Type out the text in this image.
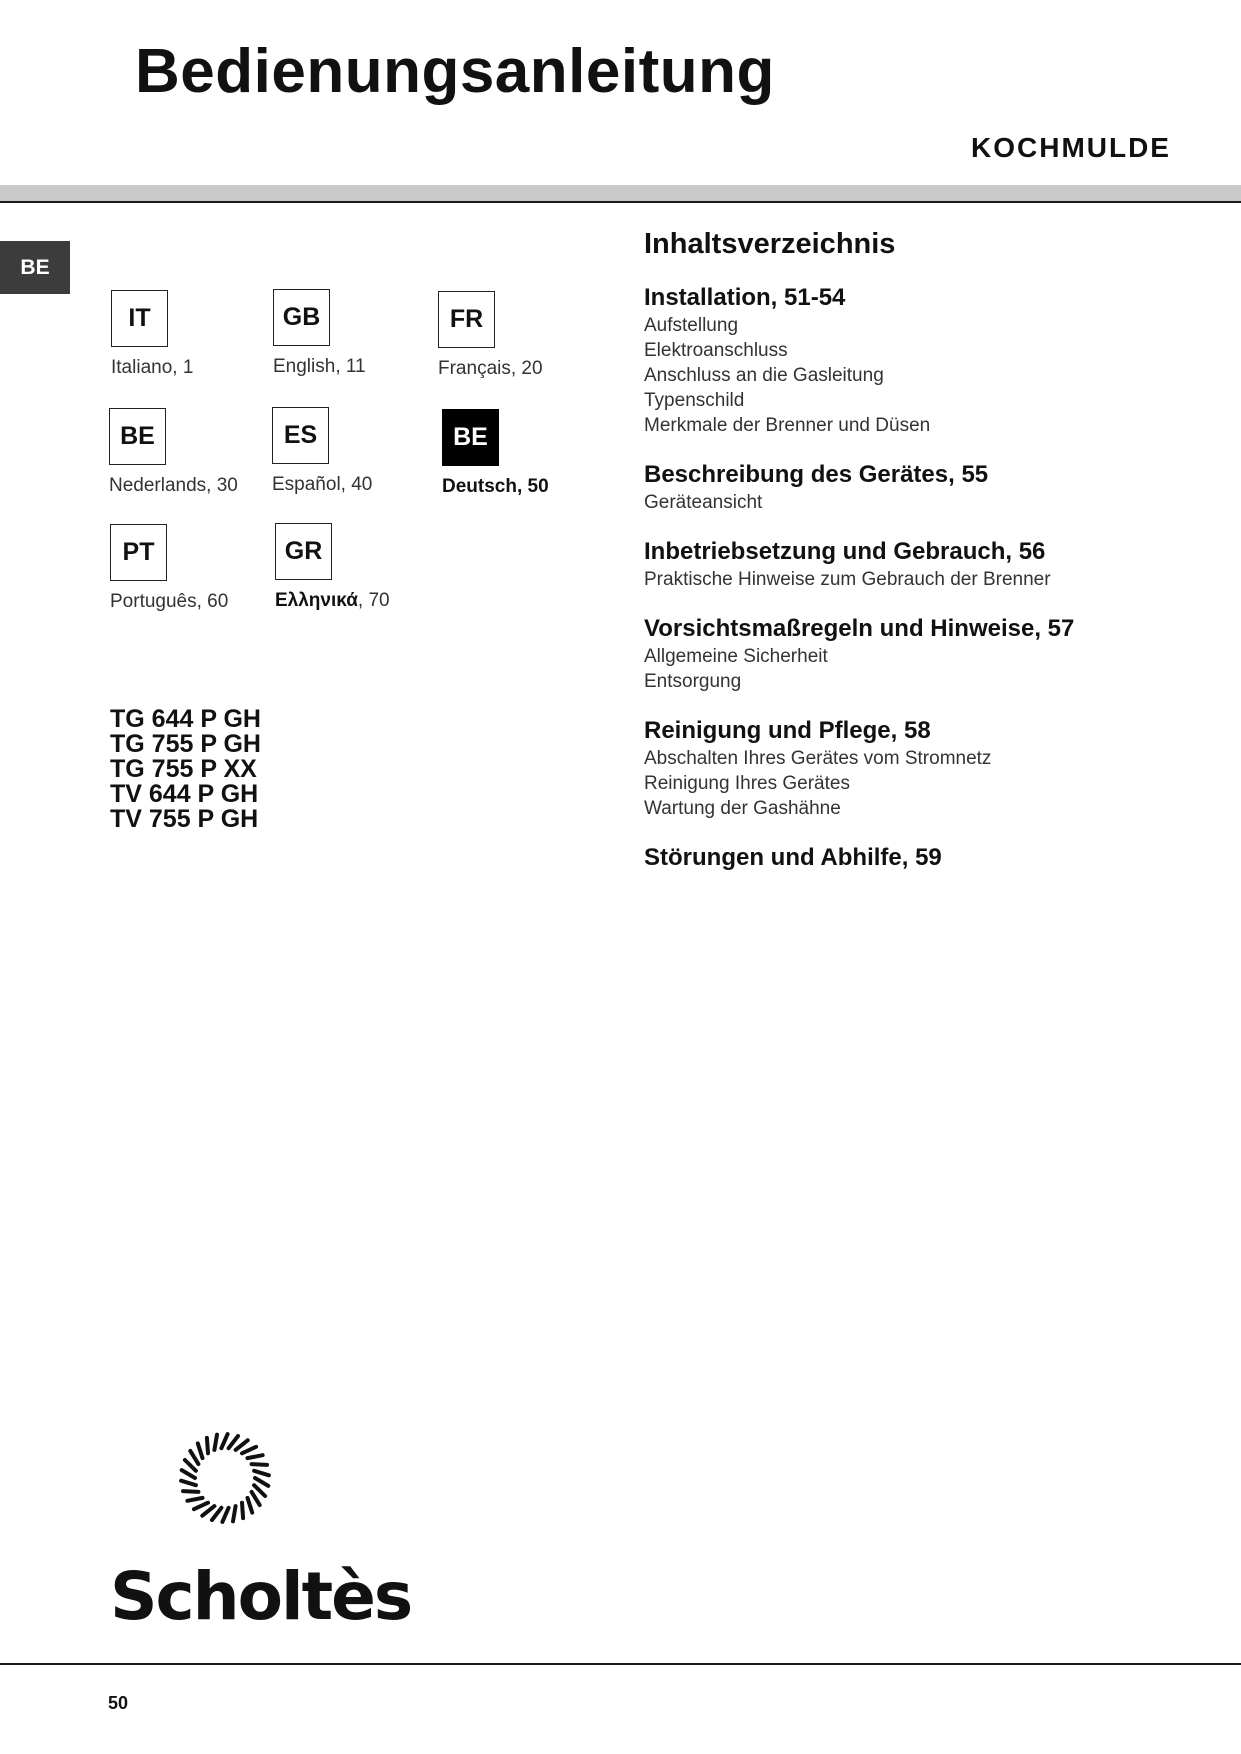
Bedienungsanleitung
KOCHMULDE
BE
IT
Italiano, 1
GB
English, 11
FR
Français, 20
BE
Nederlands, 30
ES
Español, 40
BE
Deutsch, 50
PT
Português, 60
GR
Ελληνικά, 70
TG 644 P GH
TG 755 P GH
TG 755 P XX
TV 644 P GH
TV 755 P GH
Inhaltsverzeichnis
Installation, 51-54
Aufstellung
Elektroanschluss
Anschluss an die Gasleitung
Typenschild
Merkmale der Brenner und Düsen
Beschreibung des Gerätes, 55
Geräteansicht
Inbetriebsetzung und Gebrauch, 56
Praktische Hinweise zum Gebrauch der Brenner
Vorsichtsmaßregeln und Hinweise, 57
Allgemeine Sicherheit
Entsorgung
Reinigung und Pflege, 58
Abschalten Ihres Gerätes vom Stromnetz
Reinigung Ihres Gerätes
Wartung der Gashähne
Störungen und Abhilfe, 59
Scholtès
50
